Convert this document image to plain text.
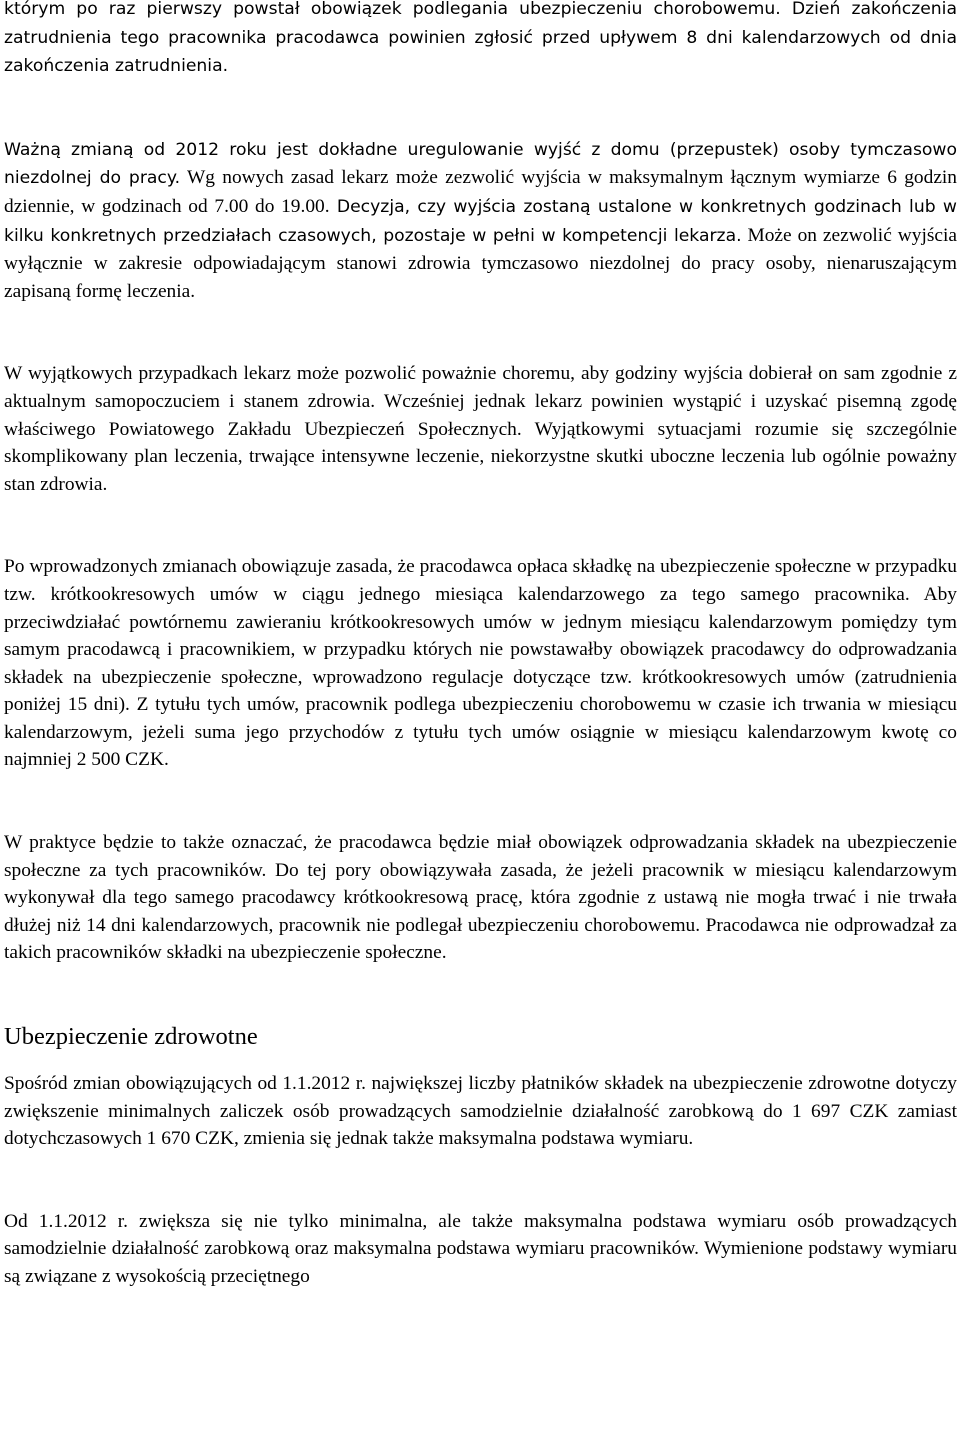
którym po raz pierwszy powstał obowiązek podlegania ubezpieczeniu chorobowemu. Dzień zakończenia zatrudnienia tego pracownika pracodawca powinien zgłosić przed upływem 8 dni kalendarzowych od dnia zakończenia zatrudnienia.

Ważną zmianą od 2012 roku jest dokładne uregulowanie wyjść z domu (przepustek) osoby tymczasowo niezdolnej do pracy. Wg nowych zasad lekarz może zezwolić wyjścia w maksymalnym łącznym wymiarze 6 godzin dziennie, w godzinach od 7.00 do 19.00. Decyzja, czy wyjścia zostaną ustalone w konkretnych godzinach lub w kilku konkretnych przedziałach czasowych, pozostaje w pełni w kompetencji lekarza. Może on zezwolić wyjścia wyłącznie w zakresie odpowiadającym stanowi zdrowia tymczasowo niezdolnej do pracy osoby, nienaruszającym zapisaną formę leczenia.

W wyjątkowych przypadkach lekarz może pozwolić poważnie choremu, aby godziny wyjścia dobierał on sam zgodnie z aktualnym samopoczuciem i stanem zdrowia. Wcześniej jednak lekarz powinien wystąpić i uzyskać pisemną zgodę właściwego Powiatowego Zakładu Ubezpieczeń Społecznych. Wyjątkowymi sytuacjami rozumie się szczególnie skomplikowany plan leczenia, trwające intensywne leczenie, niekorzystne skutki uboczne leczenia lub ogólnie poważny stan zdrowia.

Po wprowadzonych zmianach obowiązuje zasada, że pracodawca opłaca składkę na ubezpieczenie społeczne w przypadku tzw. krótkookresowych umów w ciągu jednego miesiąca kalendarzowego za tego samego pracownika. Aby przeciwdziałać powtórnemu zawieraniu krótkookresowych umów w jednym miesiącu kalendarzowym pomiędzy tym samym pracodawcą i pracownikiem, w przypadku których nie powstawałby obowiązek pracodawcy do odprowadzania składek na ubezpieczenie społeczne, wprowadzono regulacje dotyczące tzw. krótkookresowych umów (zatrudnienia poniżej 15 dni). Z tytułu tych umów, pracownik podlega ubezpieczeniu chorobowemu w czasie ich trwania w miesiącu kalendarzowym, jeżeli suma jego przychodów z tytułu tych umów osiągnie w miesiącu kalendarzowym kwotę co najmniej 2 500 CZK.

W praktyce będzie to także oznaczać, że pracodawca będzie miał obowiązek odprowadzania składek na ubezpieczenie społeczne za tych pracowników. Do tej pory obowiązywała zasada, że jeżeli pracownik w miesiącu kalendarzowym wykonywał dla tego samego pracodawcy krótkookresową pracę, która zgodnie z ustawą nie mogła trwać i nie trwała dłużej niż 14 dni kalendarzowych, pracownik nie podlegał ubezpieczeniu chorobowemu. Pracodawca nie odprowadzał za takich pracowników składki na ubezpieczenie społeczne.

Ubezpieczenie zdrowotne

Spośród zmian obowiązujących od 1.1.2012 r. największej liczby płatników składek na ubezpieczenie zdrowotne dotyczy zwiększenie minimalnych zaliczek osób prowadzących samodzielnie działalność zarobkową do 1 697 CZK zamiast dotychczasowych 1 670 CZK, zmienia się jednak także maksymalna podstawa wymiaru.

Od 1.1.2012 r. zwiększa się nie tylko minimalna, ale także maksymalna podstawa wymiaru osób prowadzących samodzielnie działalność zarobkową oraz maksymalna podstawa wymiaru pracowników. Wymienione podstawy wymiaru są związane z wysokością przeciętnego
